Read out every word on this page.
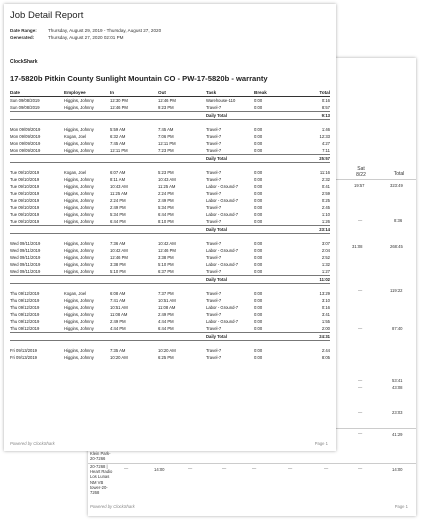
Sat
8/22	Total
19:57	323:49
—	8:36
31:08	268:45
—	119:22
—	87:40
—	53:41
—	43:08
—	23:03
Klein Park-
20-7266
—	41:29
20-7268 |
Heart Radio
Los Lunas
NM VB
tower-20-
7268
—	14:00	—	—	—	—	—	—	14:00
Powered by ClockShark	Page 1
Job Detail Report
Date Range: Thursday, August 29, 2019 - Thursday, August 27, 2020
Generated:	Thursday, August 27, 2020 02:01 PM
ClockShark
17-5820b Pitkin County Sunlight Mountain CO - PW-17-5820b - warranty
Date	Employee	In	Out	Task	Break	Total
Sun 09/08/2019	Higgins, Johnny	12:30 PM	12:46 PM	Warehouse-110	0:00	0:16
Sun 09/08/2019	Higgins, Johnny	12:46 PM	9:23 PM	Travel-7	0:00	8:57
				Daily Total		9:13

Mon 09/09/2019	Higgins, Johnny	5:59 AM	7:45 AM	Travel-7	0:00	1:46
Mon 09/09/2019	Kogan, Joel	6:32 AM	7:06 PM	Travel-7	0:00	12:33
Mon 09/09/2019	Higgins, Johnny	7:45 AM	12:11 PM	Travel-7	0:00	4:27
Mon 09/09/2019	Higgins, Johnny	12:11 PM	7:23 PM	Travel-7	0:00	7:11
				Daily Total		25:57

Tue 09/10/2019	Kogan, Joel	6:07 AM	5:23 PM	Travel-7	0:00	11:16
Tue 09/10/2019	Higgins, Johnny	8:11 AM	10:43 AM	Travel-7	0:00	2:32
Tue 09/10/2019	Higgins, Johnny	10:43 AM	11:25 AM	Labor - Ground-7	0:00	0:41
Tue 09/10/2019	Higgins, Johnny	11:25 AM	2:24 PM	Travel-7	0:00	2:59
Tue 09/10/2019	Higgins, Johnny	2:24 PM	2:49 PM	Labor - Ground-7	0:00	0:25
Tue 09/10/2019	Higgins, Johnny	2:49 PM	5:34 PM	Travel-7	0:00	2:45
Tue 09/10/2019	Higgins, Johnny	5:34 PM	6:44 PM	Labor - Ground-7	0:00	1:10
Tue 09/10/2019	Higgins, Johnny	6:44 PM	8:10 PM	Travel-7	0:00	1:26
				Daily Total		23:14

Wed 09/11/2019	Higgins, Johnny	7:36 AM	10:42 AM	Travel-7	0:00	3:07
Wed 09/11/2019	Higgins, Johnny	10:42 AM	12:46 PM	Labor - Ground-7	0:00	2:04
Wed 09/11/2019	Higgins, Johnny	12:46 PM	3:38 PM	Travel-7	0:00	2:52
Wed 09/11/2019	Higgins, Johnny	3:38 PM	5:10 PM	Labor - Ground-7	0:00	1:32
Wed 09/11/2019	Higgins, Johnny	5:10 PM	6:37 PM	Travel-7	0:00	1:27
				Daily Total		11:02

Thu 09/12/2019	Kogan, Joel	6:08 AM	7:37 PM	Travel-7	0:00	13:29
Thu 09/12/2019	Higgins, Johnny	7:41 AM	10:51 AM	Travel-7	0:00	3:10
Thu 09/12/2019	Higgins, Johnny	10:51 AM	11:08 AM	Labor - Ground-7	0:00	0:16
Thu 09/12/2019	Higgins, Johnny	11:08 AM	2:49 PM	Travel-7	0:00	3:41
Thu 09/12/2019	Higgins, Johnny	2:49 PM	4:44 PM	Labor - Ground-7	0:00	1:55
Thu 09/12/2019	Higgins, Johnny	4:44 PM	6:44 PM	Travel-7	0:00	2:00
				Daily Total		24:31

Fri 09/13/2019	Higgins, Johnny	7:35 AM	10:20 AM	Travel-7	0:00	2:44
Fri 09/13/2019	Higgins, Johnny	10:20 AM	6:25 PM	Travel-7	0:00	8:05
Powered by ClockShark	Page 1
